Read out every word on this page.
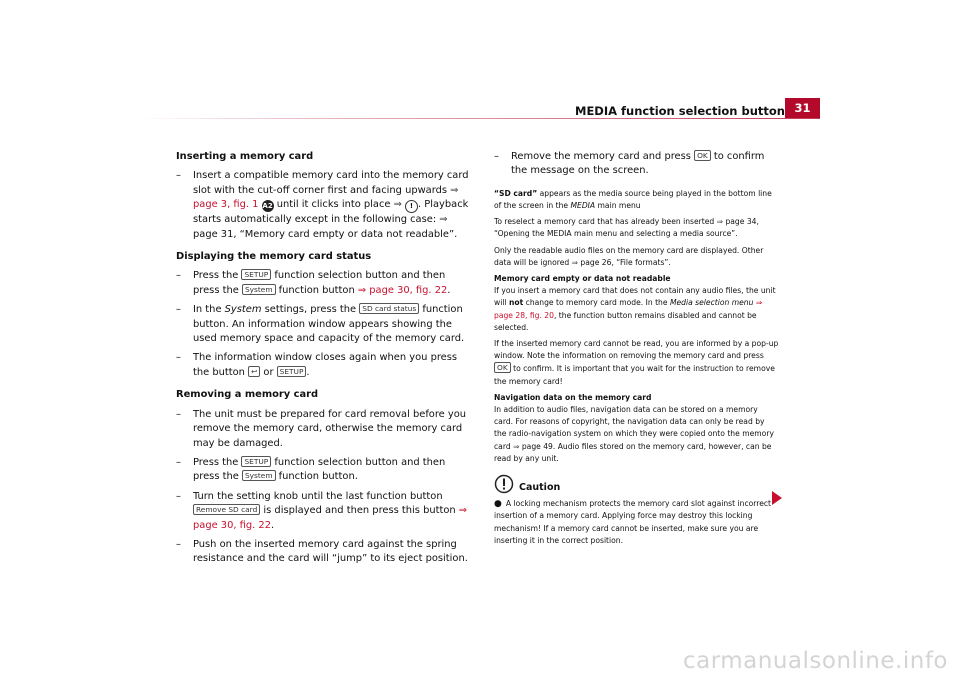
MEDIA function selection button 31
Inserting a memory card
– Insert a compatible memory card into the memory card slot with the cut-off corner first and facing upwards ⇒ page 3, fig. 1 A2 until it clicks into place ⇒ ! . Playback starts automatically except in the following case: ⇒ page 31, “Memory card empty or data not readable”.
Displaying the memory card status
– Press the SETUP function selection button and then press the System function button ⇒ page 30, fig. 22.
– In the System settings, press the SD card status function button. An information window appears showing the used memory space and capacity of the memory card.
– The information window closes again when you press the button ↩ or SETUP .
Removing a memory card
– The unit must be prepared for card removal before you remove the memory card, otherwise the memory card may be damaged.
– Press the SETUP function selection button and then press the System function button.
– Turn the setting knob until the last function button Remove SD card is displayed and then press this button ⇒ page 30, fig. 22.
– Push on the inserted memory card against the spring resistance and the card will “jump” to its eject position.
– Remove the memory card and press OK to confirm the message on the screen.

“SD card” appears as the media source being played in the bottom line of the screen in the MEDIA main menu

To reselect a memory card that has already been inserted ⇒ page 34, “Opening the MEDIA main menu and selecting a media source”.

Only the readable audio files on the memory card are displayed. Other data will be ignored ⇒ page 26, “File formats”.

Memory card empty or data not readable

If you insert a memory card that does not contain any audio files, the unit will not change to memory card mode. In the Media selection menu ⇒ page 28, fig. 20, the function button remains disabled and cannot be selected.

If the inserted memory card cannot be read, you are informed by a pop-up window. Note the information on removing the memory card and press OK to confirm. It is important that you wait for the instruction to remove the memory card!

Navigation data on the memory card

In addition to audio files, navigation data can be stored on a memory card. For reasons of copyright, the navigation data can only be read by the radio-navigation system on which they were copied onto the memory card ⇒ page 49. Audio files stored on the memory card, however, can be read by any unit.

Caution
● A locking mechanism protects the memory card slot against incorrect insertion of a memory card. Applying force may destroy this locking mechanism! If a memory card cannot be inserted, make sure you are inserting it in the correct position.
carmanualsonline.info
